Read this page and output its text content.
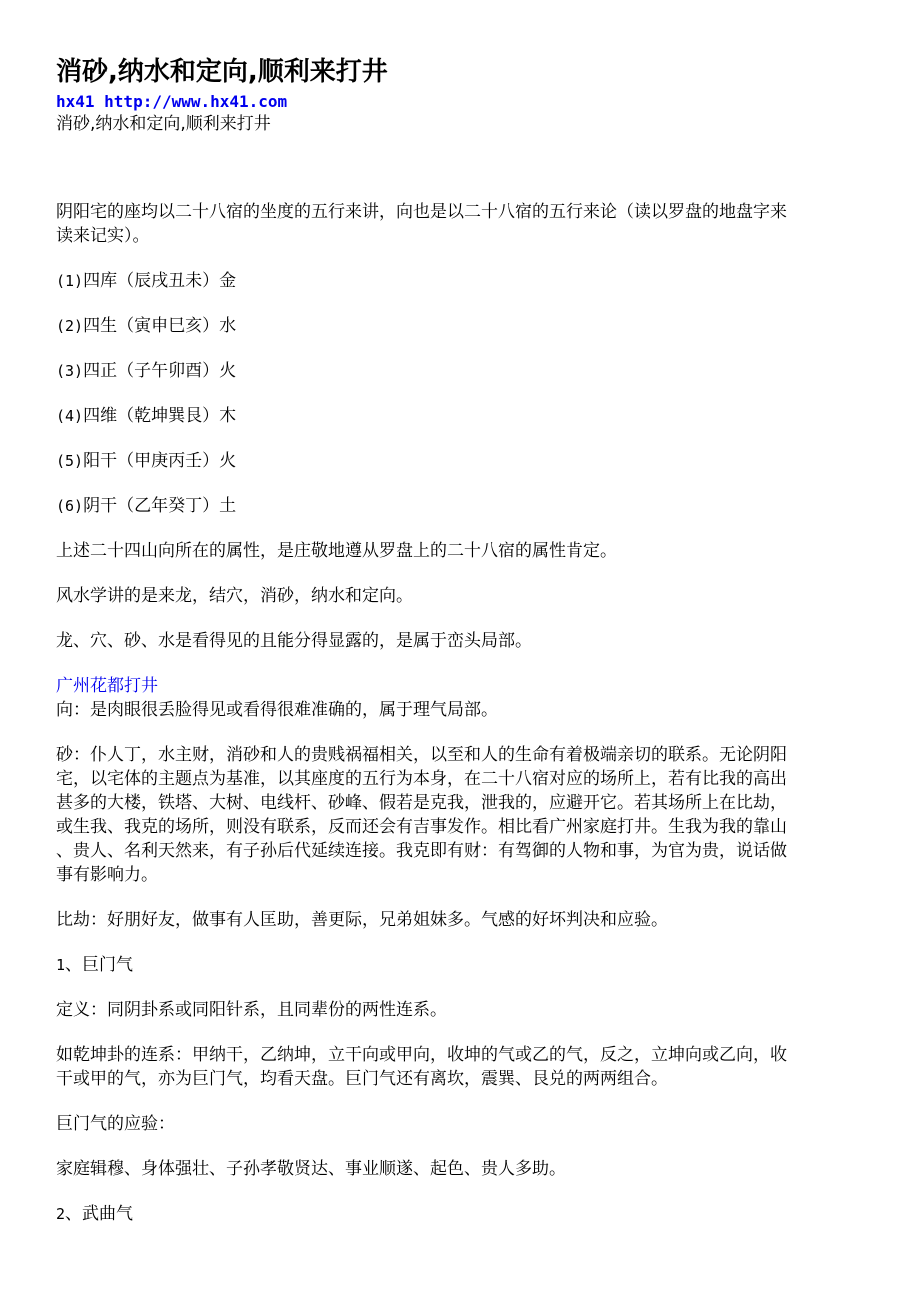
消砂,纳水和定向,顺利来打井
hx41 http://www.hx41.com
消砂,纳水和定向,顺利来打井
阴阳宅的座均以二十八宿的坐度的五行来讲，向也是以二十八宿的五行来论（读以罗盘的地盘字来
读来记实）。
(1)四库（辰戌丑未）金
(2)四生（寅申巳亥）水
(3)四正（子午卯酉）火
(4)四维（乾坤巽艮）木
(5)阳干（甲庚丙壬）火
(6)阴干（乙年癸丁）土
上述二十四山向所在的属性，是庄敬地遵从罗盘上的二十八宿的属性肯定。
风水学讲的是来龙，结穴，消砂，纳水和定向。
龙、穴、砂、水是看得见的且能分得显露的，是属于峦头局部。
广州花都打井
向：是肉眼很丢脸得见或看得很难准确的，属于理气局部。
砂：仆人丁，水主财，消砂和人的贵贱祸福相关，以至和人的生命有着极端亲切的联系。无论阴阳
宅，以宅体的主题点为基准，以其座度的五行为本身，在二十八宿对应的场所上，若有比我的高出
甚多的大楼，铁塔、大树、电线杆、砂峰、假若是克我，泄我的，应避开它。若其场所上在比劫，
或生我、我克的场所，则没有联系，反而还会有吉事发作。相比看广州家庭打井。生我为我的靠山
、贵人、名利天然来，有子孙后代延续连接。我克即有财：有驾御的人物和事，为官为贵，说话做
事有影响力。
比劫：好朋好友，做事有人匡助，善更际，兄弟姐妹多。气感的好坏判决和应验。
1、巨门气
定义：同阴卦系或同阳针系，且同辈份的两性连系。
如乾坤卦的连系：甲纳干，乙纳坤，立干向或甲向，收坤的气或乙的气，反之，立坤向或乙向，收
干或甲的气，亦为巨门气，均看天盘。巨门气还有离坎，震巽、艮兑的两两组合。
巨门气的应验：
家庭辑穆、身体强壮、子孙孝敬贤达、事业顺遂、起色、贵人多助。
2、武曲气
